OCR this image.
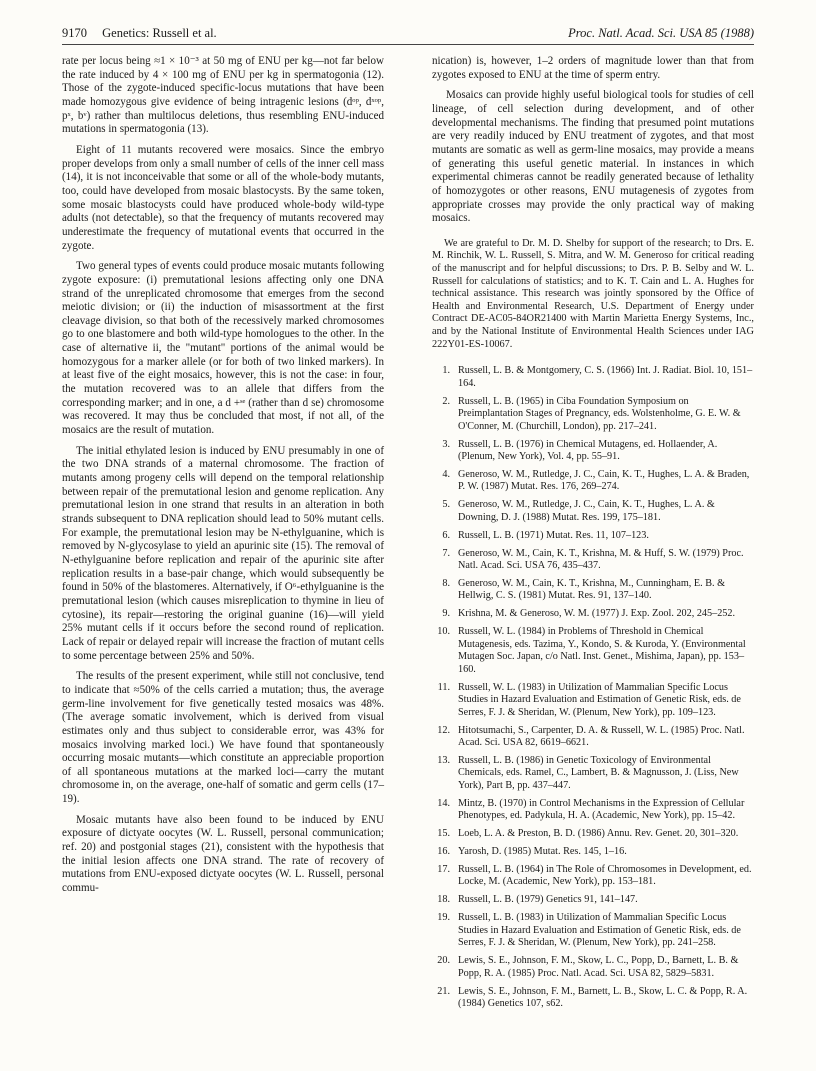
9170 Genetics: Russell et al.	Proc. Natl. Acad. Sci. USA 85 (1988)

rate per locus being ≈1 × 10⁻³ at 50 mg of ENU per kg—not far below the rate induced by 4 × 100 mg of ENU per kg in spermatogonia (12). Those of the zygote-induced specific-locus mutations that have been made homozygous give evidence of being intragenic lesions (dᵒᵖ, dˣᵒᵖ, pˣ, bᵛ) rather than multilocus deletions, thus resembling ENU-induced mutations in spermatogonia (13).

Eight of 11 mutants recovered were mosaics. Since the embryo proper develops from only a small number of cells of the inner cell mass (14), it is not inconceivable that some or all of the whole-body mutants, too, could have developed from mosaic blastocysts. By the same token, some mosaic blastocysts could have produced whole-body wild-type adults (not detectable), so that the frequency of mutants recovered may underestimate the frequency of mutational events that occurred in the zygote.

Two general types of events could produce mosaic mutants following zygote exposure: (i) premutational lesions affecting only one DNA strand of the unreplicated chromosome that emerges from the second meiotic division; or (ii) the induction of misassortment at the first cleavage division, so that both of the recessively marked chromosomes go to one blastomere and both wild-type homologues to the other. In the case of alternative ii, the "mutant" portions of the animal would be homozygous for a marker allele (or for both of two linked markers). In at least five of the eight mosaics, however, this is not the case: in four, the mutation recovered was to an allele that differs from the corresponding marker; and in one, a d +ˢᵉ (rather than d se) chromosome was recovered. It may thus be concluded that most, if not all, of the mosaics are the result of mutation.

The initial ethylated lesion is induced by ENU presumably in one of the two DNA strands of a maternal chromosome. The fraction of mutants among progeny cells will depend on the temporal relationship between repair of the premutational lesion and genome replication. Any premutational lesion in one strand that results in an alteration in both strands subsequent to DNA replication should lead to 50% mutant cells. For example, the premutational lesion may be N-ethylguanine, which is removed by N-glycosylase to yield an apurinic site (15). The removal of N-ethylguanine before replication and repair of the apurinic site after replication results in a base-pair change, which would subsequently be found in 50% of the blastomeres. Alternatively, if O⁶-ethylguanine is the premutational lesion (which causes misreplication to thymine in lieu of cytosine), its repair—restoring the original guanine (16)—will yield 25% mutant cells if it occurs before the second round of replication. Lack of repair or delayed repair will increase the fraction of mutant cells to some percentage between 25% and 50%.

The results of the present experiment, while still not conclusive, tend to indicate that ≈50% of the cells carried a mutation; thus, the average germ-line involvement for five genetically tested mosaics was 48%. (The average somatic involvement, which is derived from visual estimates only and thus subject to considerable error, was 43% for mosaics involving marked loci.) We have found that spontaneously occurring mosaic mutants—which constitute an appreciable proportion of all spontaneous mutations at the marked loci—carry the mutant chromosome in, on the average, one-half of somatic and germ cells (17–19).

Mosaic mutants have also been found to be induced by ENU exposure of dictyate oocytes (W. L. Russell, personal communication; ref. 20) and postgonial stages (21), consistent with the hypothesis that the initial lesion affects one DNA strand. The rate of recovery of mutations from ENU-exposed dictyate oocytes (W. L. Russell, personal commu-

nication) is, however, 1–2 orders of magnitude lower than that from zygotes exposed to ENU at the time of sperm entry.

Mosaics can provide highly useful biological tools for studies of cell lineage, of cell selection during development, and of other developmental mechanisms. The finding that presumed point mutations are very readily induced by ENU treatment of zygotes, and that most mutants are somatic as well as germ-line mosaics, may provide a means of generating this useful genetic material. In instances in which experimental chimeras cannot be readily generated because of lethality of homozygotes or other reasons, ENU mutagenesis of zygotes from appropriate crosses may provide the only practical way of making mosaics.

We are grateful to Dr. M. D. Shelby for support of the research; to Drs. E. M. Rinchik, W. L. Russell, S. Mitra, and W. M. Generoso for critical reading of the manuscript and for helpful discussions; to Drs. P. B. Selby and W. L. Russell for calculations of statistics; and to K. T. Cain and L. A. Hughes for technical assistance. This research was jointly sponsored by the Office of Health and Environmental Research, U.S. Department of Energy under Contract DE-AC05-84OR21400 with Martin Marietta Energy Systems, Inc., and by the National Institute of Environmental Health Sciences under IAG 222Y01-ES-10067.

1. Russell, L. B. & Montgomery, C. S. (1966) Int. J. Radiat. Biol. 10, 151–164.
2. Russell, L. B. (1965) in Ciba Foundation Symposium on Preimplantation Stages of Pregnancy, eds. Wolstenholme, G. E. W. & O'Conner, M. (Churchill, London), pp. 217–241.
3. Russell, L. B. (1976) in Chemical Mutagens, ed. Hollaender, A. (Plenum, New York), Vol. 4, pp. 55–91.
4. Generoso, W. M., Rutledge, J. C., Cain, K. T., Hughes, L. A. & Braden, P. W. (1987) Mutat. Res. 176, 269–274.
5. Generoso, W. M., Rutledge, J. C., Cain, K. T., Hughes, L. A. & Downing, D. J. (1988) Mutat. Res. 199, 175–181.
6. Russell, L. B. (1971) Mutat. Res. 11, 107–123.
7. Generoso, W. M., Cain, K. T., Krishna, M. & Huff, S. W. (1979) Proc. Natl. Acad. Sci. USA 76, 435–437.
8. Generoso, W. M., Cain, K. T., Krishna, M., Cunningham, E. B. & Hellwig, C. S. (1981) Mutat. Res. 91, 137–140.
9. Krishna, M. & Generoso, W. M. (1977) J. Exp. Zool. 202, 245–252.
10. Russell, W. L. (1984) in Problems of Threshold in Chemical Mutagenesis, eds. Tazima, Y., Kondo, S. & Kuroda, Y. (Environmental Mutagen Soc. Japan, c/o Natl. Inst. Genet., Mishima, Japan), pp. 153–160.
11. Russell, W. L. (1983) in Utilization of Mammalian Specific Locus Studies in Hazard Evaluation and Estimation of Genetic Risk, eds. de Serres, F. J. & Sheridan, W. (Plenum, New York), pp. 109–123.
12. Hitotsumachi, S., Carpenter, D. A. & Russell, W. L. (1985) Proc. Natl. Acad. Sci. USA 82, 6619–6621.
13. Russell, L. B. (1986) in Genetic Toxicology of Environmental Chemicals, eds. Ramel, C., Lambert, B. & Magnusson, J. (Liss, New York), Part B, pp. 437–447.
14. Mintz, B. (1970) in Control Mechanisms in the Expression of Cellular Phenotypes, ed. Padykula, H. A. (Academic, New York), pp. 15–42.
15. Loeb, L. A. & Preston, B. D. (1986) Annu. Rev. Genet. 20, 301–320.
16. Yarosh, D. (1985) Mutat. Res. 145, 1–16.
17. Russell, L. B. (1964) in The Role of Chromosomes in Development, ed. Locke, M. (Academic, New York), pp. 153–181.
18. Russell, L. B. (1979) Genetics 91, 141–147.
19. Russell, L. B. (1983) in Utilization of Mammalian Specific Locus Studies in Hazard Evaluation and Estimation of Genetic Risk, eds. de Serres, F. J. & Sheridan, W. (Plenum, New York), pp. 241–258.
20. Lewis, S. E., Johnson, F. M., Skow, L. C., Popp, D., Barnett, L. B. & Popp, R. A. (1985) Proc. Natl. Acad. Sci. USA 82, 5829–5831.
21. Lewis, S. E., Johnson, F. M., Barnett, L. B., Skow, L. C. & Popp, R. A. (1984) Genetics 107, s62.
